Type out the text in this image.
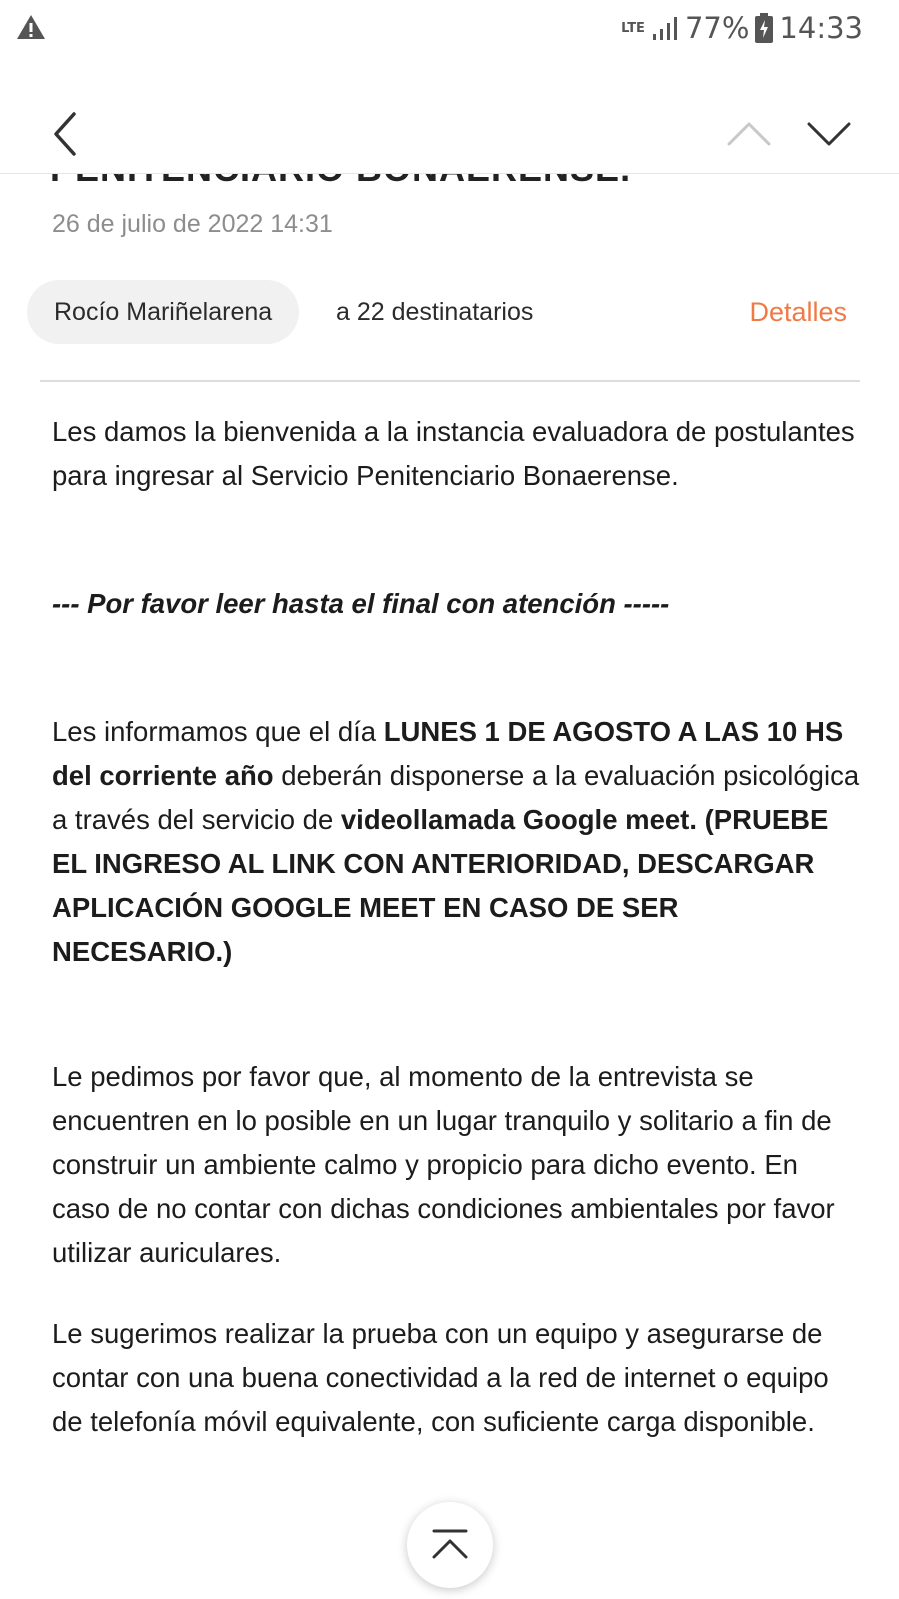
LTE 77% 14:33
26 de julio de 2022 14:31
Rocío Mariñelarena	a 22 destinatarios	Detalles
Les damos la bienvenida a la instancia evaluadora de postulantes para ingresar al Servicio Penitenciario Bonaerense.
--- Por favor leer hasta el final con atención -----
Les informamos que el día LUNES 1 DE AGOSTO A LAS 10 HS del corriente año deberán disponerse a la evaluación psicológica a través del servicio de videollamada Google meet. (PRUEBE EL INGRESO AL LINK CON ANTERIORIDAD, DESCARGAR APLICACIÓN GOOGLE MEET EN CASO DE SER NECESARIO.)
Le pedimos por favor que, al momento de la entrevista se encuentren en lo posible en un lugar tranquilo y solitario a fin de construir un ambiente calmo y propicio para dicho evento. En caso de no contar con dichas condiciones ambientales por favor utilizar auriculares.
Le sugerimos realizar la prueba con un equipo y asegurarse de contar con una buena conectividad a la red de internet o equipo de telefonía móvil equivalente, con suficiente carga disponible.
